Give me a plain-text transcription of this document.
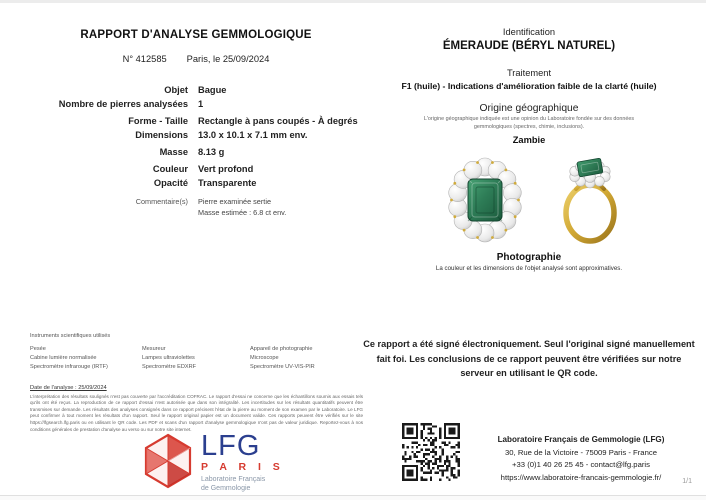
RAPPORT D'ANALYSE GEMMOLOGIQUE
N° 412585 Paris, le 25/09/2024
Objet Bague
Nombre de pierres analysées 1
Forme - Taille Rectangle à pans coupés - À degrés
Dimensions 13.0 x 10.1 x 7.1 mm env.
Masse 8.13 g
Couleur Vert profond
Opacité Transparente
Commentaire(s) Pierre examinée sertie
Masse estimée : 6.8 ct env.
Identification
ÉMERAUDE (BÉRYL NATUREL)
Traitement
F1 (huile) - Indications d'amélioration faible de la clarté (huile)
Origine géographique
L'origine géographique indiquée est une opinion du Laboratoire fondée sur des données gemmologiques (spectres, chimie, inclusions).
Zambie
Photographie
La couleur et les dimensions de l'objet analysé sont approximatives.
Instruments scientifiques utilisés
Pesée
Cabine lumière normalisée
Spectromètre infrarouge (IRTF)
Mesureur
Lampes ultraviolettes
Spectromètre EDXRF
Appareil de photographie
Microscope
Spectromètre UV-VIS-PIR
Date de l'analyse : 25/09/2024
L'interprétation des résultats soulignés n'est pas couverte par l'accréditation COFRAC. Le rapport d'essai ne concerne que les échantillons soumis aux essais tels qu'ils ont été reçus. La reproduction de ce rapport d'essai n'est autorisée que dans son intégralité. Les incertitudes sur les résultats quantitatifs peuvent être transmises sur demande. Les résultats des analyses consignés dans ce rapport précisent l'état de la pierre au moment de son examen par le Laboratoire. Le LFG peut confirmer à tout moment les résultats d'un rapport. Seul le rapport original papier est un document valide. Ces rapports peuvent être vérifiés sur le site https://lfgsearch.lfg.paris ou en utilisant le QR code. Les PDF et scans d'un rapport d'analyse gemmologique n'ont pas de valeur juridique. Reportez-vous à nos conditions générales de prestation d'analyse au verso ou sur notre site internet.
LFG
P A R I S
Laboratoire Français
de Gemmologie
Ce rapport a été signé électroniquement. Seul l'original signé manuellement fait foi. Les conclusions de ce rapport peuvent être vérifiées sur notre serveur en utilisant le QR code.
Laboratoire Français de Gemmologie (LFG)
30, Rue de la Victoire - 75009 Paris - France
+33 (0)1 40 26 25 45 - contact@lfg.paris
https://www.laboratoire-francais-gemmologie.fr/	1/1
